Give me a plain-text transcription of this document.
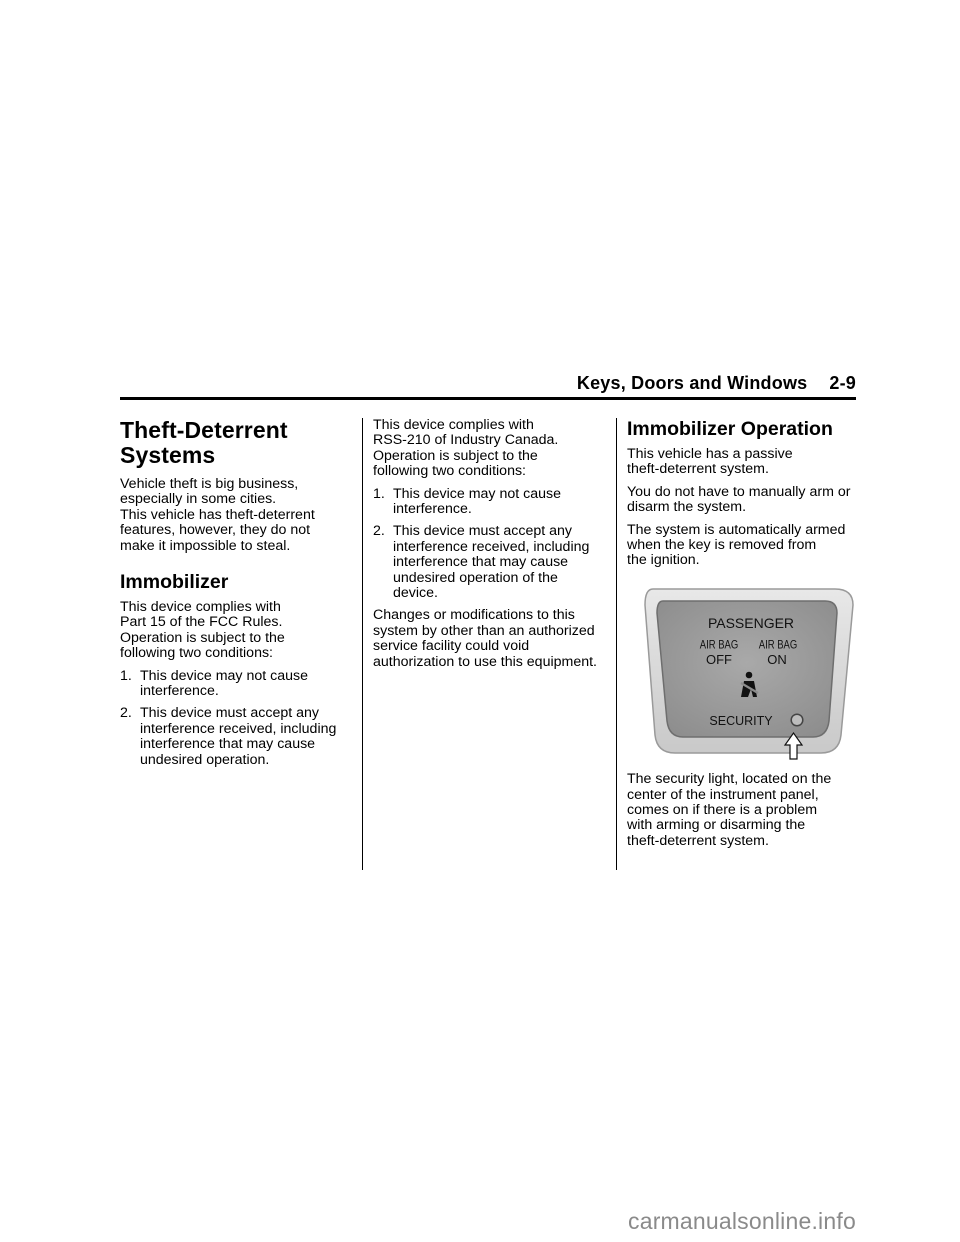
Keys, Doors and Windows 2-9
Theft-Deterrent
Systems

Vehicle theft is big business,
especially in some cities.
This vehicle has theft-deterrent
features, however, they do not
make it impossible to steal.

Immobilizer

This device complies with
Part 15 of the FCC Rules.
Operation is subject to the
following two conditions:

1. This device may not cause
interference.
2. This device must accept any
interference received, including
interference that may cause
undesired operation.

This device complies with
RSS-210 of Industry Canada.
Operation is subject to the
following two conditions:

1. This device may not cause
interference.
2. This device must accept any
interference received, including
interference that may cause
undesired operation of the
device.

Changes or modifications to this
system by other than an authorized
service facility could void
authorization to use this equipment.

Immobilizer Operation

This vehicle has a passive
theft-deterrent system.

You do not have to manually arm or
disarm the system.

The system is automatically armed
when the key is removed from
the ignition.

PASSENGER
AIR BAG
OFF
AIR BAG
ON
SECURITY

The security light, located on the
center of the instrument panel,
comes on if there is a problem
with arming or disarming the
theft-deterrent system.

carmanualsonline.info
